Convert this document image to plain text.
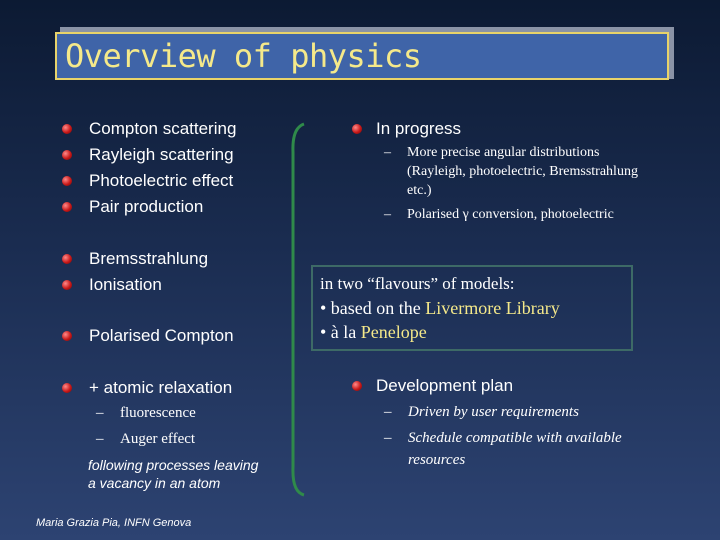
Overview of physics
Compton scattering
Rayleigh scattering
Photoelectric effect
Pair production
Bremsstrahlung
Ionisation
Polarised Compton
+ atomic relaxation
– fluorescence
– Auger effect
following processes leaving
a vacancy in an atom
In progress
– More precise angular distributions
(Rayleigh, photoelectric, Bremsstrahlung
etc.)
– Polarised γ conversion, photoelectric
in two “flavours” of models:
• based on the Livermore Library
• à la Penelope
Development plan
– Driven by user requirements
– Schedule compatible with available
resources
Maria Grazia Pia, INFN Genova
